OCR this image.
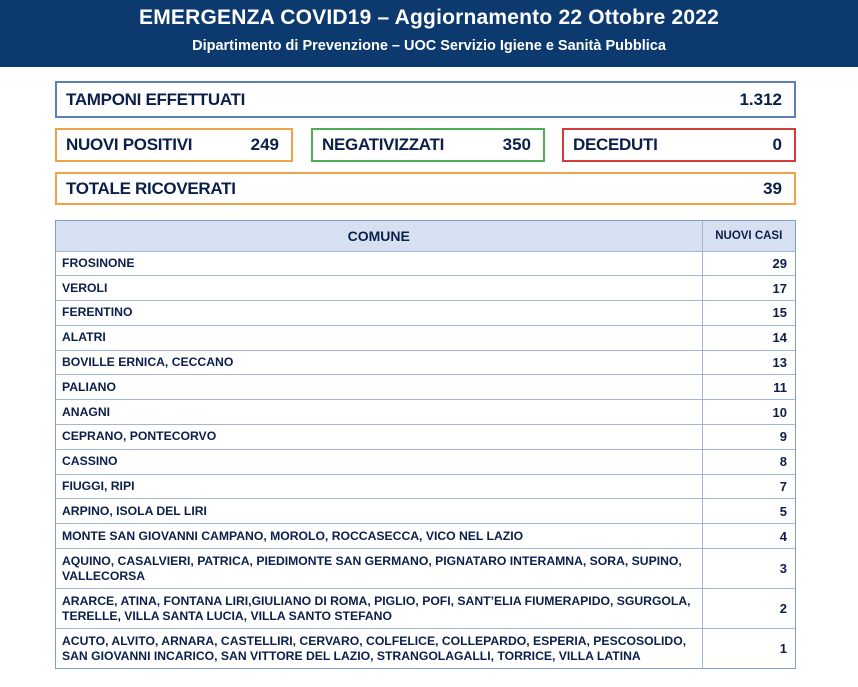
EMERGENZA COVID19 – Aggiornamento 22 Ottobre 2022
Dipartimento di Prevenzione – UOC Servizio Igiene e Sanità Pubblica
TAMPONI EFFETTUATI	1.312
NUOVI POSITIVI	249	NEGATIVIZZATI	350 DECEDUTI	0
TOTALE RICOVERATI	39
COMUNE	NUOVI CASI
FROSINONE	29
VEROLI	17
FERENTINO	15
ALATRI	14
BOVILLE ERNICA, CECCANO	13
PALIANO	11
ANAGNI	10
CEPRANO, PONTECORVO	9
CASSINO	8
FIUGGI, RIPI	7
ARPINO, ISOLA DEL LIRI	5
MONTE SAN GIOVANNI CAMPANO, MOROLO, ROCCASECCA, VICO NEL LAZIO	4
AQUINO, CASALVIERI, PATRICA, PIEDIMONTE SAN GERMANO, PIGNATARO INTERAMNA, SORA, SUPINO, VALLECORSA	3
ARARCE, ATINA, FONTANA LIRI,GIULIANO DI ROMA, PIGLIO, POFI, SANT’ELIA FIUMERAPIDO, SGURGOLA, TERELLE, VILLA SANTA LUCIA, VILLA SANTO STEFANO	2
ACUTO, ALVITO, ARNARA, CASTELLIRI, CERVARO, COLFELICE, COLLEPARDO, ESPERIA, PESCOSOLIDO, SAN GIOVANNI INCARICO, SAN VITTORE DEL LAZIO, STRANGOLAGALLI, TORRICE, VILLA LATINA	1
